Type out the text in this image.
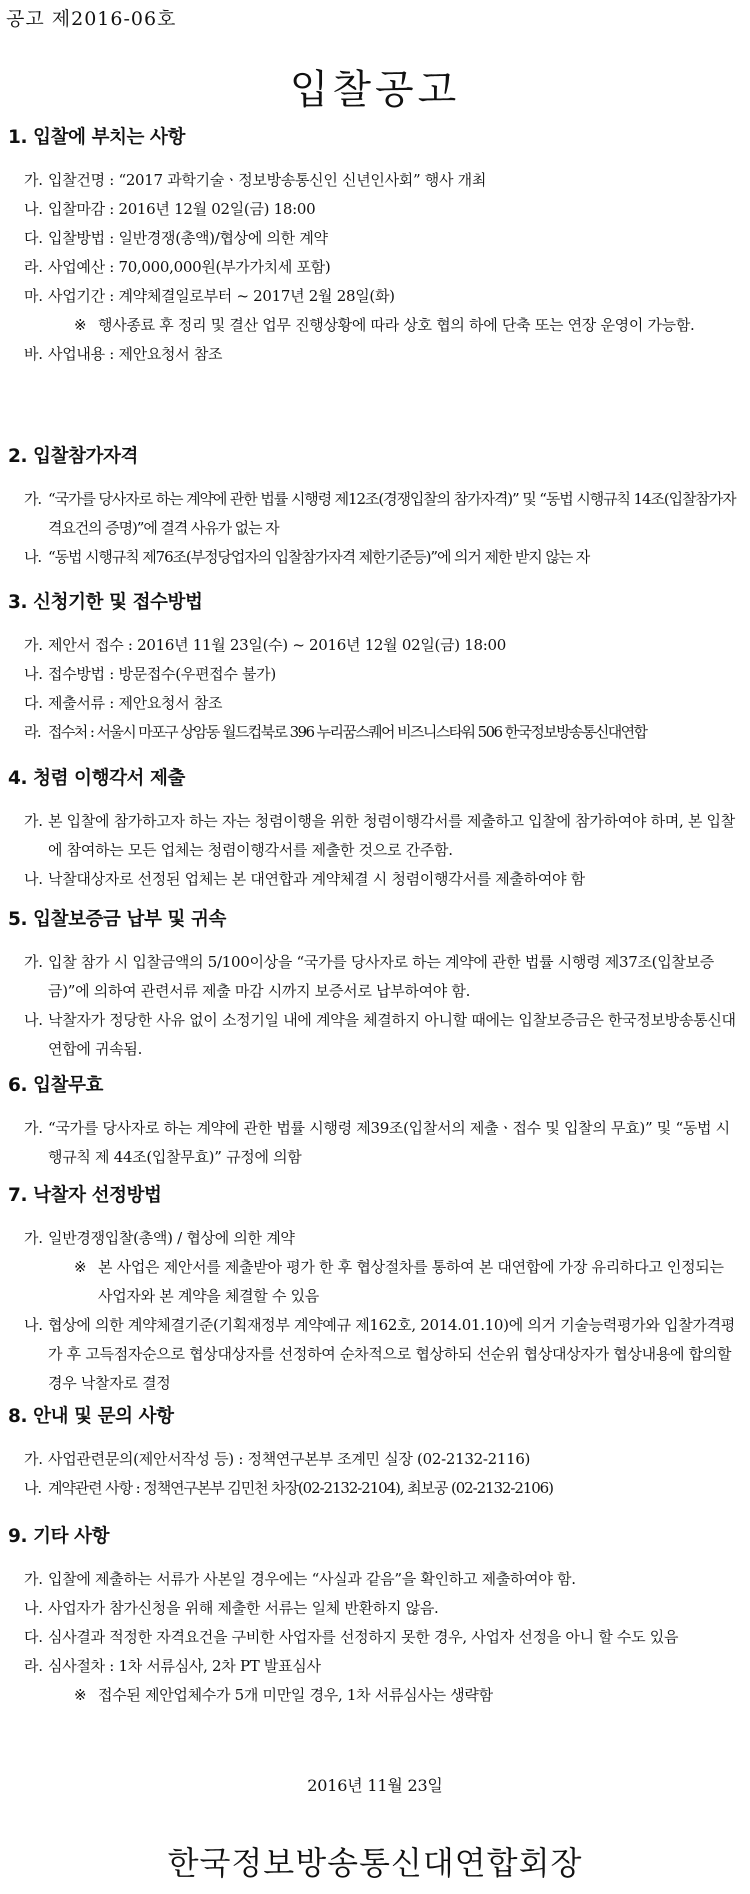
공고 제2016-06호
입찰공고
1. 입찰에 부치는 사항
가. 입찰건명 : “2017 과학기술ㆍ정보방송통신인 신년인사회” 행사 개최
나. 입찰마감 : 2016년 12월 02일(금) 18:00
다. 입찰방법 : 일반경쟁(총액)/협상에 의한 계약
라. 사업예산 : 70,000,000원(부가가치세 포함)
마. 사업기간 : 계약체결일로부터 ~ 2017년 2월 28일(화)
※ 행사종료 후 정리 및 결산 업무 진행상황에 따라 상호 협의 하에 단축 또는 연장 운영이 가능함.
바. 사업내용 : 제안요청서 참조
2. 입찰참가자격
가. “국가를 당사자로 하는 계약에 관한 법률 시행령 제12조(경쟁입찰의 참가자격)” 및 “동법 시행규칙 14조(입찰참가자격요건의 증명)”에 결격 사유가 없는 자
나. “동법 시행규칙 제76조(부정당업자의 입찰참가자격 제한기준등)”에 의거 제한 받지 않는 자
3. 신청기한 및 접수방법
가. 제안서 접수 : 2016년 11월 23일(수) ~ 2016년 12월 02일(금) 18:00
나. 접수방법 : 방문접수(우편접수 불가)
다. 제출서류 : 제안요청서 참조
라. 접수처 : 서울시 마포구 상암동 월드컵북로 396 누리꿈스퀘어 비즈니스타워 506 한국정보방송통신대연합
4. 청렴 이행각서 제출
가. 본 입찰에 참가하고자 하는 자는 청렴이행을 위한 청렴이행각서를 제출하고 입찰에 참가하여야 하며, 본 입찰에 참여하는 모든 업체는 청렴이행각서를 제출한 것으로 간주함.
나. 낙찰대상자로 선정된 업체는 본 대연합과 계약체결 시 청렴이행각서를 제출하여야 함
5. 입찰보증금 납부 및 귀속
가. 입찰 참가 시 입찰금액의 5/100이상을 “국가를 당사자로 하는 계약에 관한 법률 시행령 제37조(입찰보증금)”에 의하여 관련서류 제출 마감 시까지 보증서로 납부하여야 함.
나. 낙찰자가 정당한 사유 없이 소정기일 내에 계약을 체결하지 아니할 때에는 입찰보증금은 한국정보방송통신대연합에 귀속됨.
6. 입찰무효
가. “국가를 당사자로 하는 계약에 관한 법률 시행령 제39조(입찰서의 제출ㆍ접수 및 입찰의 무효)” 및 “동법 시행규칙 제 44조(입찰무효)” 규정에 의함
7. 낙찰자 선정방법
가. 일반경쟁입찰(총액) / 협상에 의한 계약
※ 본 사업은 제안서를 제출받아 평가 한 후 협상절차를 통하여 본 대연합에 가장 유리하다고 인정되는 사업자와 본 계약을 체결할 수 있음
나. 협상에 의한 계약체결기준(기획재정부 계약예규 제162호, 2014.01.10)에 의거 기술능력평가와 입찰가격평가 후 고득점자순으로 협상대상자를 선정하여 순차적으로 협상하되 선순위 협상대상자가 협상내용에 합의할 경우 낙찰자로 결정
8. 안내 및 문의 사항
가. 사업관련문의(제안서작성 등) : 정책연구본부 조계민 실장 (02-2132-2116)
나. 계약관련 사항 : 정책연구본부 김민천 차장(02-2132-2104), 최보공 (02-2132-2106)
9. 기타 사항
가. 입찰에 제출하는 서류가 사본일 경우에는 “사실과 같음”을 확인하고 제출하여야 함.
나. 사업자가 참가신청을 위해 제출한 서류는 일체 반환하지 않음.
다. 심사결과 적정한 자격요건을 구비한 사업자를 선정하지 못한 경우, 사업자 선정을 아니 할 수도 있음
라. 심사절차 : 1차 서류심사, 2차 PT 발표심사
※ 접수된 제안업체수가 5개 미만일 경우, 1차 서류심사는 생략함
2016년 11월 23일
한국정보방송통신대연합회장
